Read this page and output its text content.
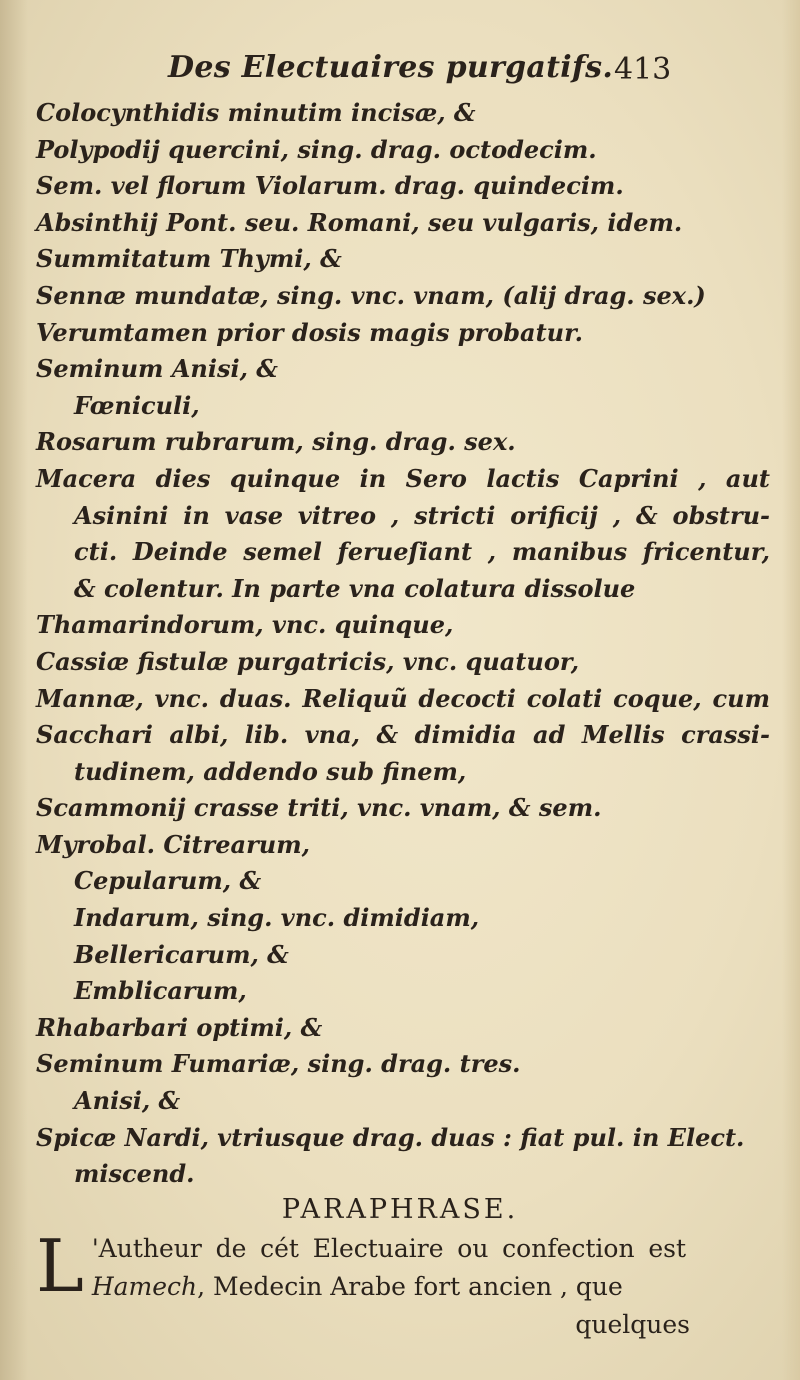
Des Electuaires purgatifs. 413
Colocynthidis minutim incisæ, &
Polypodij quercini, sing. drag. octodecim.
Sem. vel florum Violarum. drag. quindecim.
Absinthij Pont. seu. Romani, seu vulgaris, idem.
Summitatum Thymi, &
Sennæ mundatæ, sing. vnc. vnam, (alij drag. sex.)
Verumtamen prior dosis magis probatur.
Seminum Anisi, &
Fœniculi,
Rosarum rubrarum, sing. drag. sex.
Macera dies quinque in Sero lactis Caprini , aut
Asinini in vase vitreo , stricti orificij , & obstru-
cti. Deinde semel ferueſiant , manibus fricentur,
& colentur. In parte vna colatura dissolue
Thamarindorum, vnc. quinque,
Cassiæ fistulæ purgatricis, vnc. quatuor,
Mannæ, vnc. duas. Reliquũ decocti colati coque, cum
Sacchari albi, lib. vna, & dimidia ad Mellis crassi-
tudinem, addendo sub finem,
Scammonij crasse triti, vnc. vnam, & sem.
Myrobal. Citrearum,
Cepularum, &
Indarum, sing. vnc. dimidiam,
Bellericarum, &
Emblicarum,
Rhabarbari optimi, &
Seminum Fumariæ, sing. drag. tres.
Anisi, &
Spicæ Nardi, vtriusque drag. duas : fiat pul. in Elect.
miscend.
PARAPHRASE.
L 'Autheur de cét Electuaire ou confection est
Hamech, Medecin Arabe fort ancien , que
quelques
